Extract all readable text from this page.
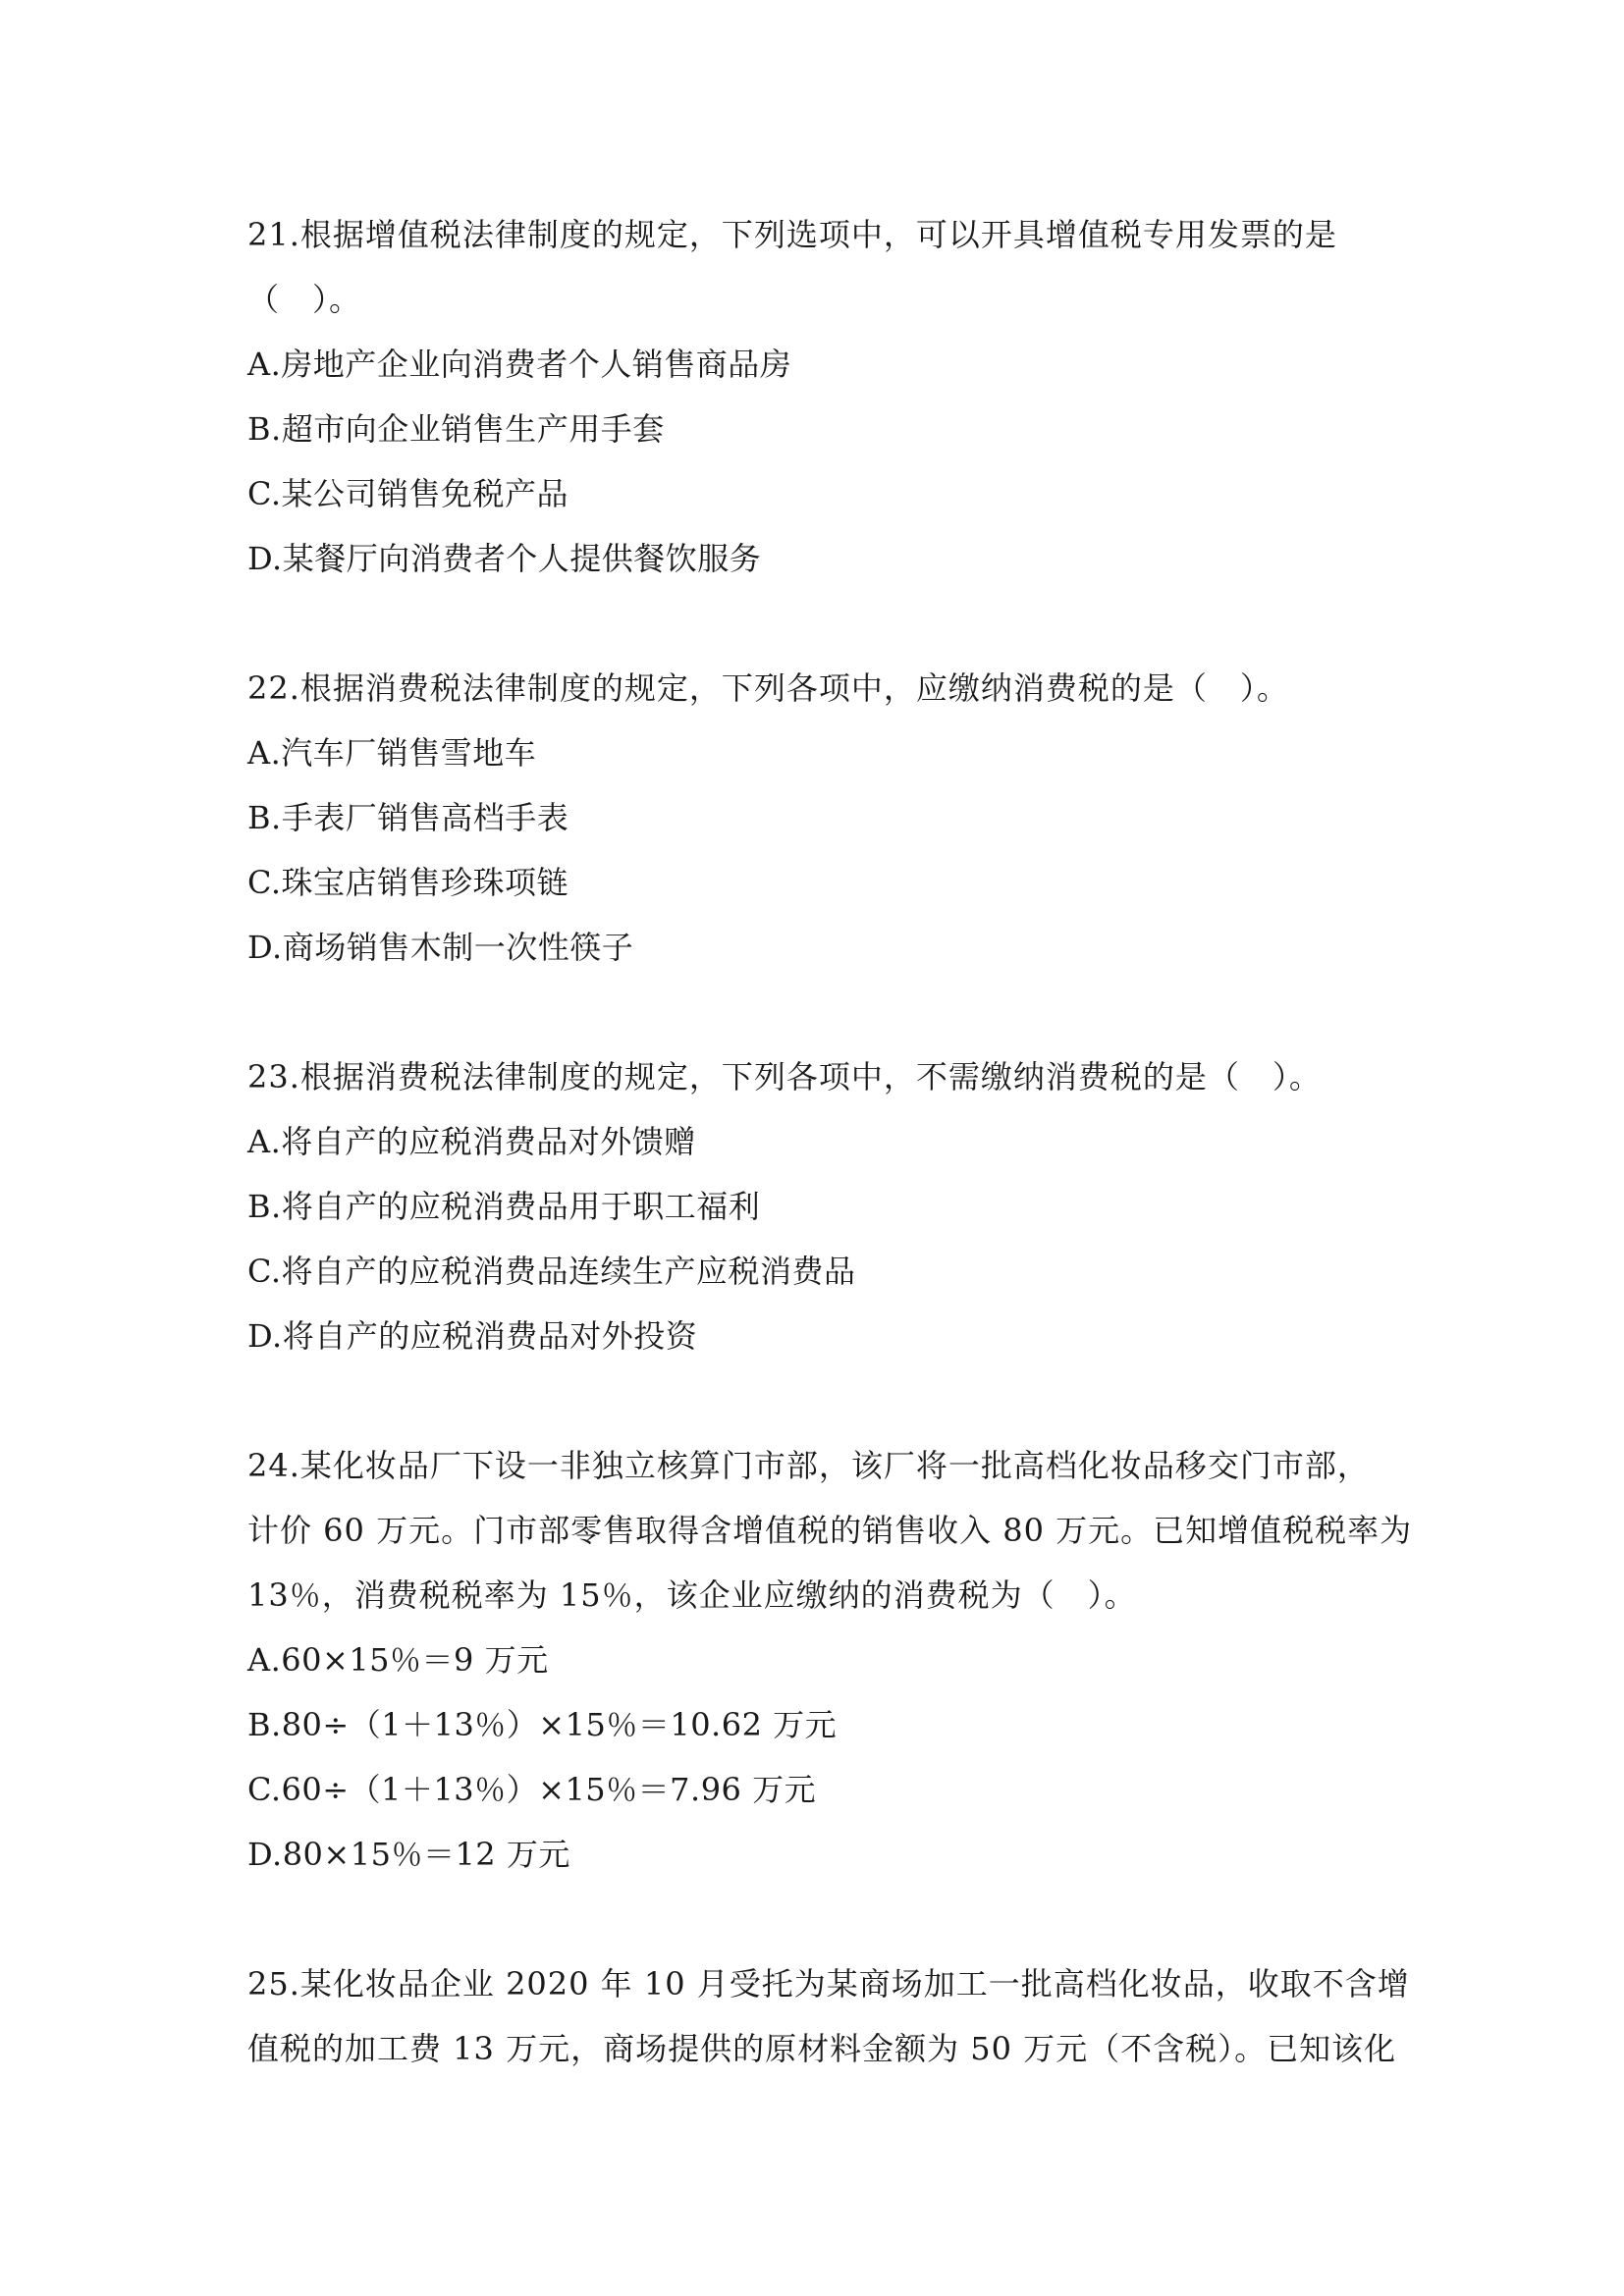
21.根据增值税法律制度的规定，下列选项中，可以开具增值税专用发票的是
（　）。
A.房地产企业向消费者个人销售商品房
B.超市向企业销售生产用手套
C.某公司销售免税产品
D.某餐厅向消费者个人提供餐饮服务
22.根据消费税法律制度的规定，下列各项中，应缴纳消费税的是（　）。
A.汽车厂销售雪地车
B.手表厂销售高档手表
C.珠宝店销售珍珠项链
D.商场销售木制一次性筷子
23.根据消费税法律制度的规定，下列各项中，不需缴纳消费税的是（　）。
A.将自产的应税消费品对外馈赠
B.将自产的应税消费品用于职工福利
C.将自产的应税消费品连续生产应税消费品
D.将自产的应税消费品对外投资
24.某化妆品厂下设一非独立核算门市部，该厂将一批高档化妆品移交门市部，
计价 60 万元。门市部零售取得含增值税的销售收入 80 万元。已知增值税税率为
13％，消费税税率为 15％，该企业应缴纳的消费税为（　）。
A.60×15％＝9 万元
B.80÷（1＋13％）×15％＝10.62 万元
C.60÷（1＋13％）×15％＝7.96 万元
D.80×15％＝12 万元
25.某化妆品企业 2020 年 10 月受托为某商场加工一批高档化妆品，收取不含增
值税的加工费 13 万元，商场提供的原材料金额为 50 万元（不含税）。已知该化
